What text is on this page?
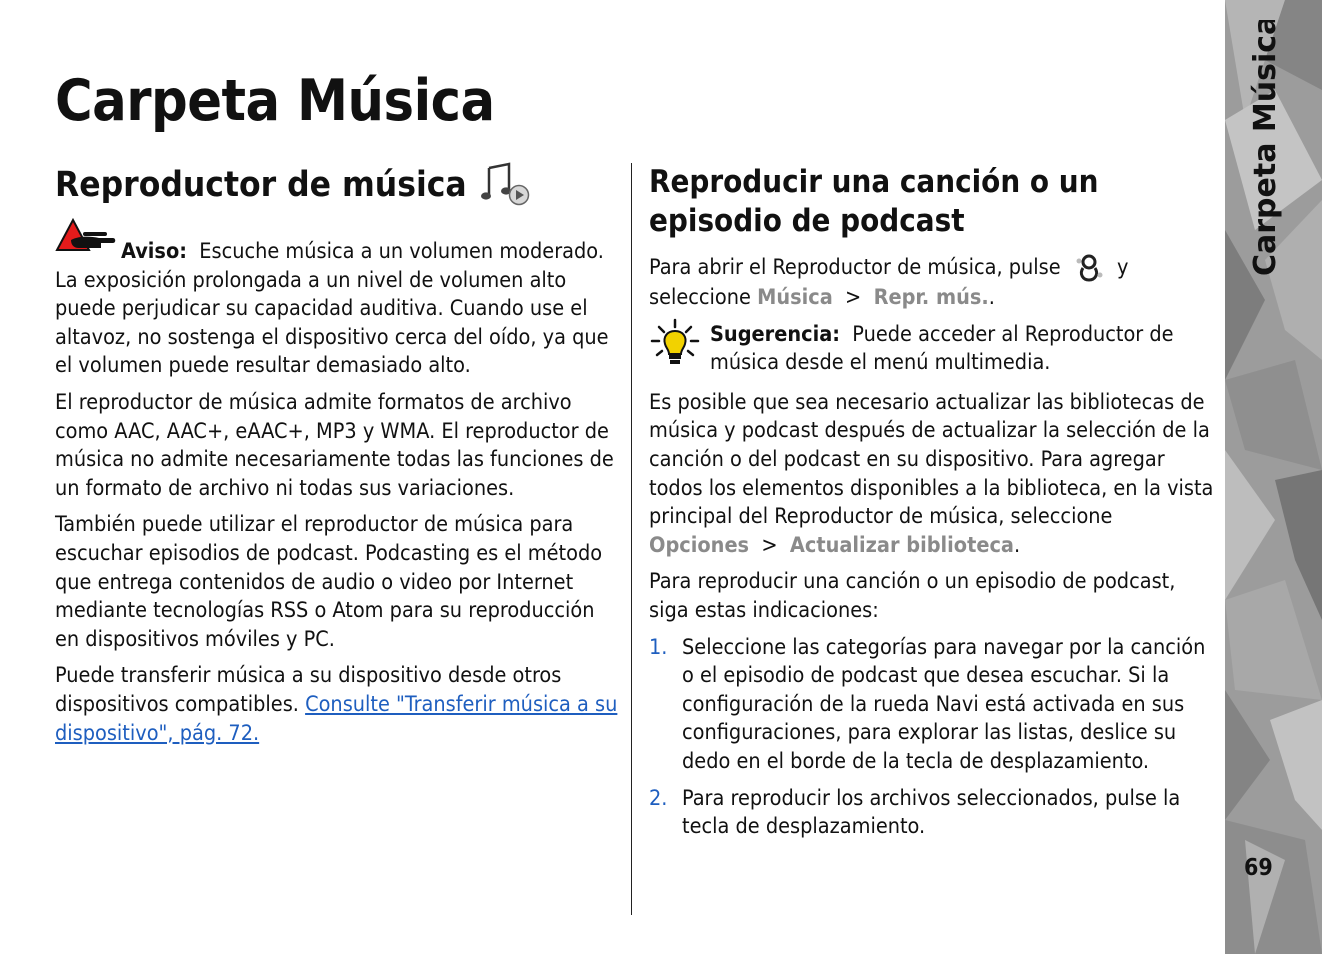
Carpeta Música
Reproductor de música

Aviso: Escuche música a un volumen moderado. La exposición prolongada a un nivel de volumen alto puede perjudicar su capacidad auditiva. Cuando use el altavoz, no sostenga el dispositivo cerca del oído, ya que el volumen puede resultar demasiado alto.

El reproductor de música admite formatos de archivo como AAC, AAC+, eAAC+, MP3 y WMA. El reproductor de música no admite necesariamente todas las funciones de un formato de archivo ni todas sus variaciones.

También puede utilizar el reproductor de música para escuchar episodios de podcast. Podcasting es el método que entrega contenidos de audio o video por Internet mediante tecnologías RSS o Atom para su reproducción en dispositivos móviles y PC.

Puede transferir música a su dispositivo desde otros dispositivos compatibles. Consulte "Transferir música a su dispositivo", pág. 72.

Reproducir una canción o un episodio de podcast

Para abrir el Reproductor de música, pulse	y seleccione Música > Repr. mús..

Sugerencia: Puede acceder al Reproductor de música desde el menú multimedia.

Es posible que sea necesario actualizar las bibliotecas de música y podcast después de actualizar la selección de la canción o del podcast en su dispositivo. Para agregar todos los elementos disponibles a la biblioteca, en la vista principal del Reproductor de música, seleccione Opciones > Actualizar biblioteca.

Para reproducir una canción o un episodio de podcast, siga estas indicaciones:

1. Seleccione las categorías para navegar por la canción o el episodio de podcast que desea escuchar. Si la configuración de la rueda Navi está activada en sus configuraciones, para explorar las listas, deslice su dedo en el borde de la tecla de desplazamiento.
2. Para reproducir los archivos seleccionados, pulse la tecla de desplazamiento.
Carpeta Música
69
